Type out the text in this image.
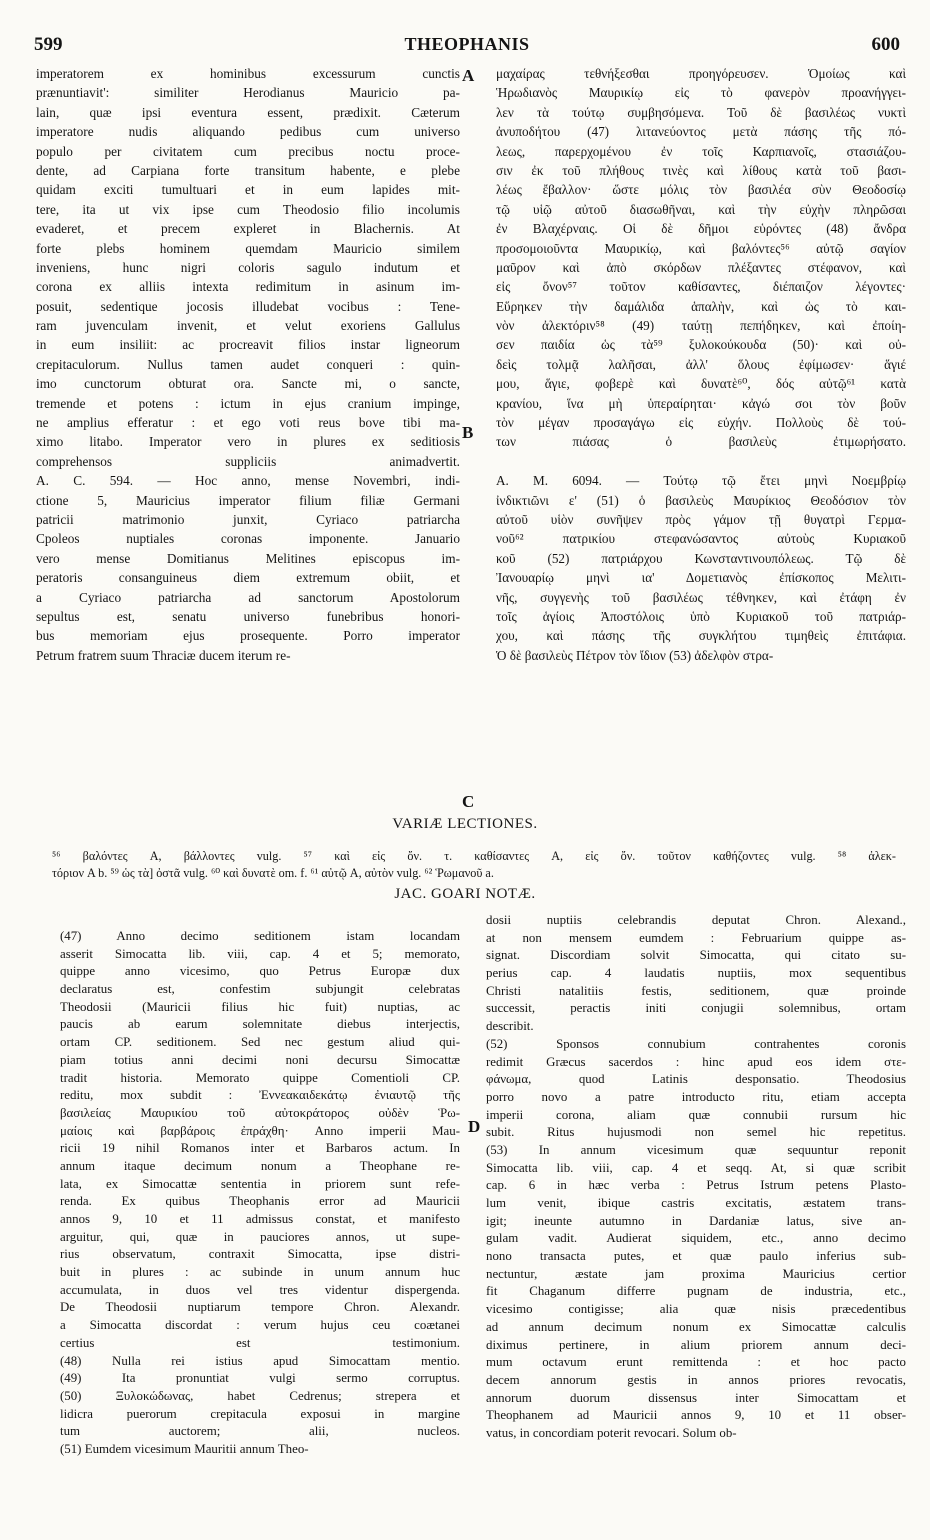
599	THEOPHANIS	600
imperatorem ex hominibus excessurum cunctis
prænuntiavit': similiter Herodianus Mauricio pa-
lain, quæ ipsi eventura essent, prædixit. Cæterum
imperatore nudis aliquando pedibus cum universo
populo per civitatem cum precibus noctu proce-
dente, ad Carpiana forte transitum habente, e plebe
quidam exciti tumultuari et in eum lapides mit-
tere, ita ut vix ipse cum Theodosio filio incolumis
evaderet, et precem expleret in Blachernis. At
forte plebs hominem quemdam Mauricio similem
inveniens, hunc nigri coloris sagulo indutum et
corona ex alliis intexta redimitum in asinum im-
posuit, sedentique jocosis illudebat vocibus : Tene-
ram juvenculam invenit, et velut exoriens Gallulus
in eum insiliit: ac procreavit filios instar ligneorum
crepitaculorum. Nullus tamen audet conqueri : quin-
imo cunctorum obturat ora. Sancte mi, o sancte,
tremende et potens : ictum in ejus cranium impinge,
ne amplius efferatur : et ego voti reus bove tibi ma-
ximo litabo. Imperator vero in plures ex seditiosis
comprehensos suppliciis animadvertit.
A. C. 594. — Hoc anno, mense Novembri, indi-
ctione 5, Mauricius imperator filium filiæ Germani
patricii matrimonio junxit, Cyriaco patriarcha
Cpoleos nuptiales coronas imponente. Januario
vero mense Domitianus Melitines episcopus im-
peratoris consanguineus diem extremum obiit, et
a Cyriaco patriarcha ad sanctorum Apostolorum
sepultus est, senatu universo funebribus honori-
bus memoriam ejus prosequente. Porro imperator
Petrum fratrem suum Thraciæ ducem iterum re-
μαχαίρας τεθνήξεσθαι προηγόρευσεν. Ὁμοίως καὶ
Ἡρωδιανὸς Μαυρικίῳ εἰς τὸ φανερὸν προανήγγει-
λεν τὰ τούτῳ συμβησόμενα. Τοῦ δὲ βασιλέως νυκτὶ
ἀνυποδήτου (47) λιτανεύοντος μετὰ πάσης τῆς πό-
λεως, παρερχομένου ἐν τοῖς Καρπιανοῖς, στασιάζου-
σιν ἐκ τοῦ πλήθους τινὲς καὶ λίθους κατὰ τοῦ βασι-
λέως ἔβαλλον· ὥστε μόλις τὸν βασιλέα σὺν Θεοδοσίῳ
τῷ υἱῷ αὐτοῦ διασωθῆναι, καὶ τὴν εὐχὴν πληρῶσαι
ἐν Βλαχέρναις. Οἱ δὲ δῆμοι εὑρόντες (48) ἄνδρα
προσομοιοῦντα Μαυρικίῳ, καὶ βαλόντες⁵⁶ αὐτῷ σαγίον
μαῦρον καὶ ἀπὸ σκόρδων πλέξαντες στέφανον, καὶ
εἰς ὄνον⁵⁷ τοῦτον καθίσαντες, διέπαιζον λέγοντες·
Εὕρηκεν τὴν δαμάλιδα ἁπαλὴν, καὶ ὡς τὸ και-
νὸν ἀλεκτόριν⁵⁸ (49) ταύτῃ πεπήδηκεν, καὶ ἐποίη-
σεν παιδία ὡς τὰ⁵⁹ ξυλοκούκουδα (50)· καὶ οὐ-
δεὶς τολμᾷ λαλῆσαι, ἀλλ' ὅλους ἐφίμωσεν· ἅγιέ
μου, ἅγιε, φοβερὲ καὶ δυνατὲ⁶⁰, δός αὐτῷ⁶¹ κατὰ
κρανίου, ἵνα μὴ ὑπεραίρηται· κἀγώ σοι τὸν βοῦν
τὸν μέγαν προσαγάγω εἰς εὐχήν. Πολλοὺς δὲ τού-
των πιάσας ὁ βασιλεὺς ἐτιμωρήσατο.
A. M. 6094. — Τούτῳ τῷ ἔτει μηνὶ Νοεμβρίῳ
ἰνδικτιῶνι ε' (51) ὁ βασιλεὺς Μαυρίκιος Θεοδόσιον τὸν
αὐτοῦ υἱὸν συνῆψεν πρὸς γάμον τῇ θυγατρὶ Γερμα-
νοῦ⁶² πατρικίου στεφανώσαντος αὐτοὺς Κυριακοῦ
κοῦ (52) πατριάρχου Κωνσταντινουπόλεως. Τῷ δὲ
Ἰανουαρίῳ μηνὶ ια' Δομετιανὸς ἐπίσκοπος Μελιτι-
νῆς, συγγενὴς τοῦ βασιλέως τέθνηκεν, καὶ ἐτάφη ἐν
τοῖς ἁγίοις Ἀποστόλοις ὑπὸ Κυριακοῦ τοῦ πατριάρ-
χου, καὶ πάσης τῆς συγκλήτου τιμηθεὶς ἐπιτάφια.
Ὁ δὲ βασιλεὺς Πέτρον τὸν ἴδιον (53) ἀδελφὸν στρα-
A
B
C
D
VARIÆ LECTIONES.
⁵⁶ βαλόντες A, βάλλοντες vulg. ⁵⁷ καὶ εἰς ὄν. τ. καθίσαντες A, εἰς ὄν. τοῦτον καθήζοντες vulg. ⁵⁸ ἀλεκ-
τόριον A b. ⁵⁹ ὡς τὰ] ὀστᾶ vulg. ⁶⁰ καὶ δυνατὲ om. f. ⁶¹ αὐτῷ A, αὐτὸν vulg. ⁶² Ῥωμανοῦ a.
JAC. GOARI NOTÆ.
(47) Anno decimo seditionem istam locandam
asserit Simocatta lib. viii, cap. 4 et 5; memorato,
quippe anno vicesimo, quo Petrus Europæ dux
declaratus est, confestim subjungit celebratas
Theodosii (Mauricii filius hic fuit) nuptias, ac
paucis ab earum solemnitate diebus interjectis,
ortam CP. seditionem. Sed nec gestum aliud qui-
piam totius anni decimi noni decursu Simocattæ
tradit historia. Memorato quippe Comentioli CP.
reditu, mox subdit : Ἐννεακαιδεκάτῳ ἐνιαυτῷ τῆς
βασιλείας Μαυρικίου τοῦ αὐτοκράτορος οὐδὲν Ῥω-
μαίοις καὶ βαρβάροις ἐπράχθη· Anno imperii Mau-
ricii 19 nihil Romanos inter et Barbaros actum. In
annum itaque decimum nonum a Theophane re-
lata, ex Simocattæ sententia in priorem sunt refe-
renda. Ex quibus Theophanis error ad Mauricii
annos 9, 10 et 11 admissus constat, et manifesto
arguitur, qui, quæ in pauciores annos, ut supe-
rius observatum, contraxit Simocatta, ipse distri-
buit in plures : ac subinde in unum annum huc
accumulata, in duos vel tres videntur dispergenda.
De Theodosii nuptiarum tempore Chron. Alexandr.
a Simocatta discordat : verum hujus ceu coætanei
certius est testimonium.
(48) Nulla rei istius apud Simocattam mentio.
(49) Ita pronuntiat vulgi sermo corruptus.
(50) Ξυλοκώδωνας, habet Cedrenus; strepera et
lidicra puerorum crepitacula exposui in margine
tum auctorem; alii, nucleos.
(51) Eumdem vicesimum Mauritii annum Theo-
dosii nuptiis celebrandis deputat Chron. Alexand.,
at non mensem eumdem : Februarium quippe as-
signat. Discordiam solvit Simocatta, qui citato su-
perius cap. 4 laudatis nuptiis, mox sequentibus
Christi natalitiis festis, seditionem, quæ proinde
successit, peractis initi conjugii solemnibus, ortam
describit.
(52) Sponsos connubium contrahentes coronis
redimit Græcus sacerdos : hinc apud eos idem στε-
φάνωμα, quod Latinis desponsatio. Theodosius
porro novo a patre introducto ritu, etiam accepta
imperii corona, aliam quæ connubii rursum hic
subit. Ritus hujusmodi non semel hic repetitus.
(53) In annum vicesimum quæ sequuntur reponit
Simocatta lib. viii, cap. 4 et seqq. At, si quæ scribit
cap. 6 in hæc verba : Petrus Istrum petens Plasto-
lum venit, ibique castris excitatis, æstatem trans-
igit; ineunte autumno in Dardaniæ latus, sive an-
gulam vadit. Audierat siquidem, etc., anno decimo
nono transacta putes, et quæ paulo inferius sub-
nectuntur, æstate jam proxima Mauricius certior
fit Chaganum differre pugnam de industria, etc.,
vicesimo contigisse; alia quæ nisis præcedentibus
ad annum decimum nonum ex Simocattæ calculis
diximus pertinere, in alium priorem annum deci-
mum octavum erunt remittenda : et hoc pacto
decem annorum gestis in annos priores revocatis,
annorum duorum dissensus inter Simocattam et
Theophanem ad Mauricii annos 9, 10 et 11 obser-
vatus, in concordiam poterit revocari. Solum ob-
